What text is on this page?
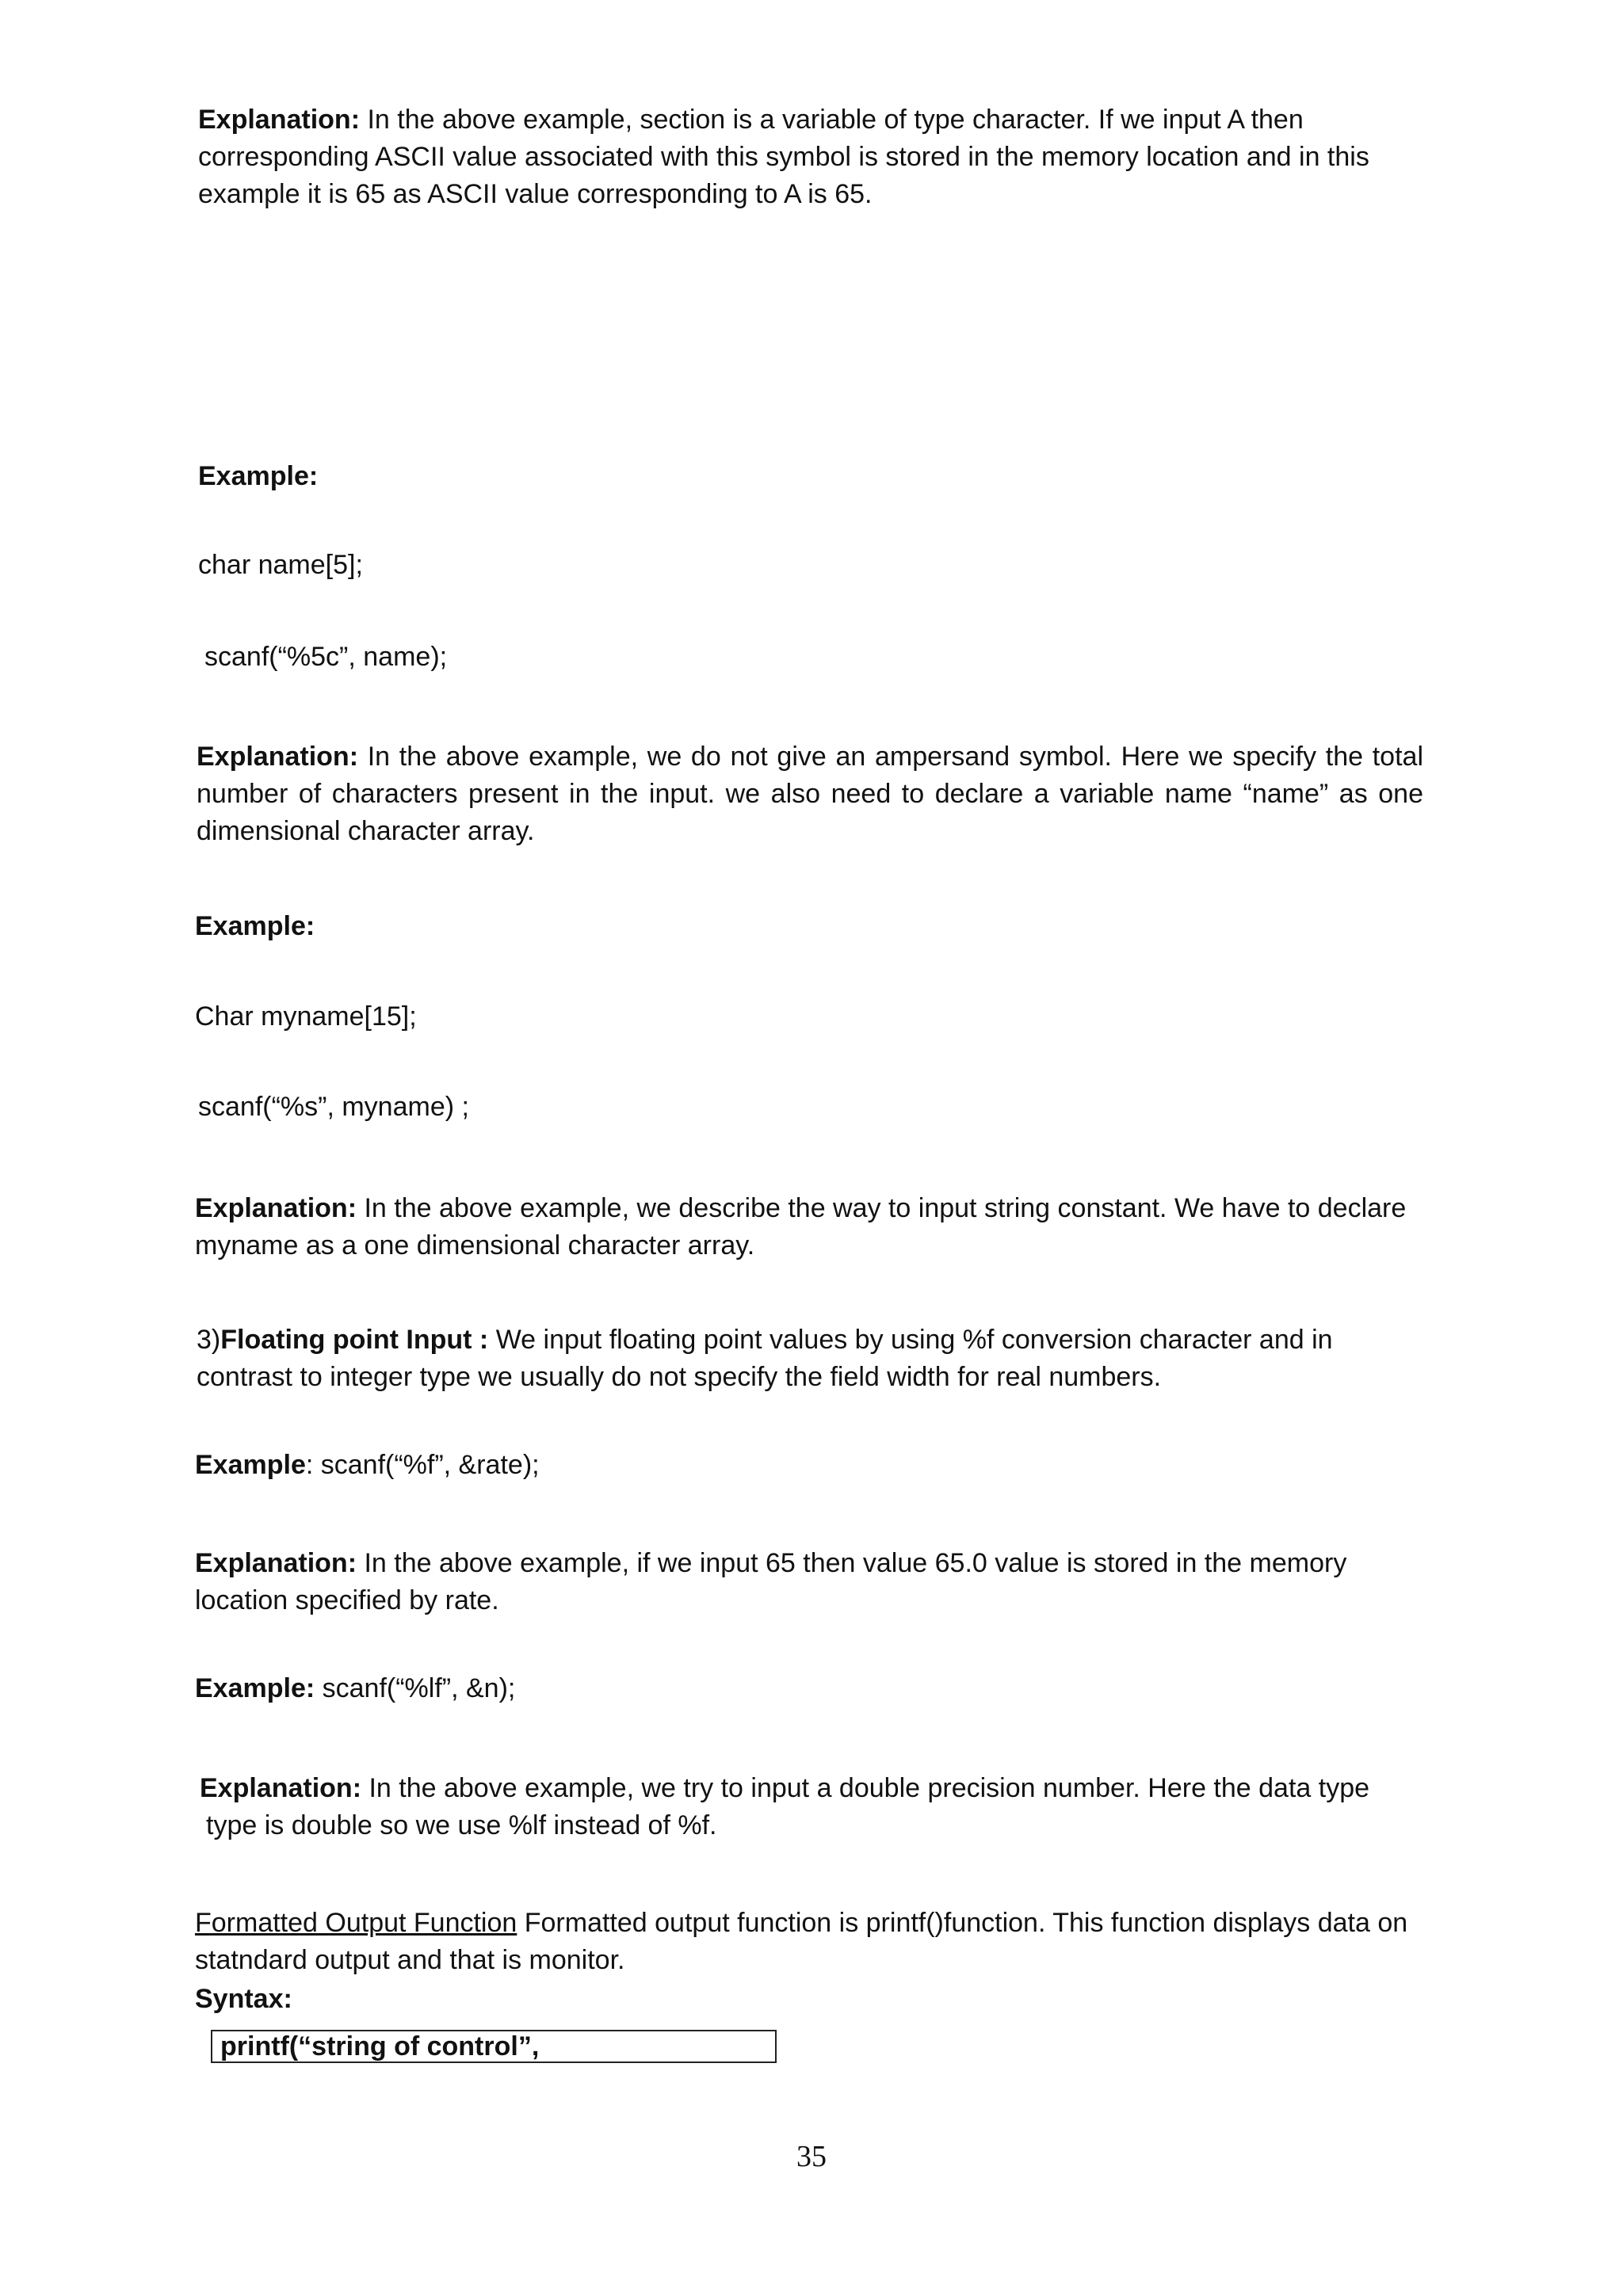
Explanation: In the above example, section is a variable of type character. If we input A then corresponding ASCII value associated with this symbol is stored in the memory location and in this example it is 65 as ASCII value corresponding to A is 65.

Example:

char name[5];

scanf(“%5c”, name);

Explanation: In the above example, we do not give an ampersand symbol. Here we specify the total number of characters present in the input. we also need to declare a variable name “name” as one dimensional character array.

Example:

Char myname[15];

scanf(“%s”, myname) ;

Explanation: In the above example, we describe the way to input string constant. We have to declare myname as a one dimensional character array.

3)Floating point Input : We input floating point values by using %f conversion character and in contrast to integer type we usually do not specify the field width for real numbers.

Example: scanf(“%f”, &rate);

Explanation: In the above example, if we input 65 then value 65.0 value is stored in the memory location specified by rate.

Example: scanf(“%lf”, &n);

Explanation: In the above example, we try to input a double precision number. Here the data type
type is double so we use %lf instead of %f.

Formatted Output Function Formatted output function is printf()function. This function displays data on statndard output and that is monitor.

Syntax:

printf(“string of control”,
35
